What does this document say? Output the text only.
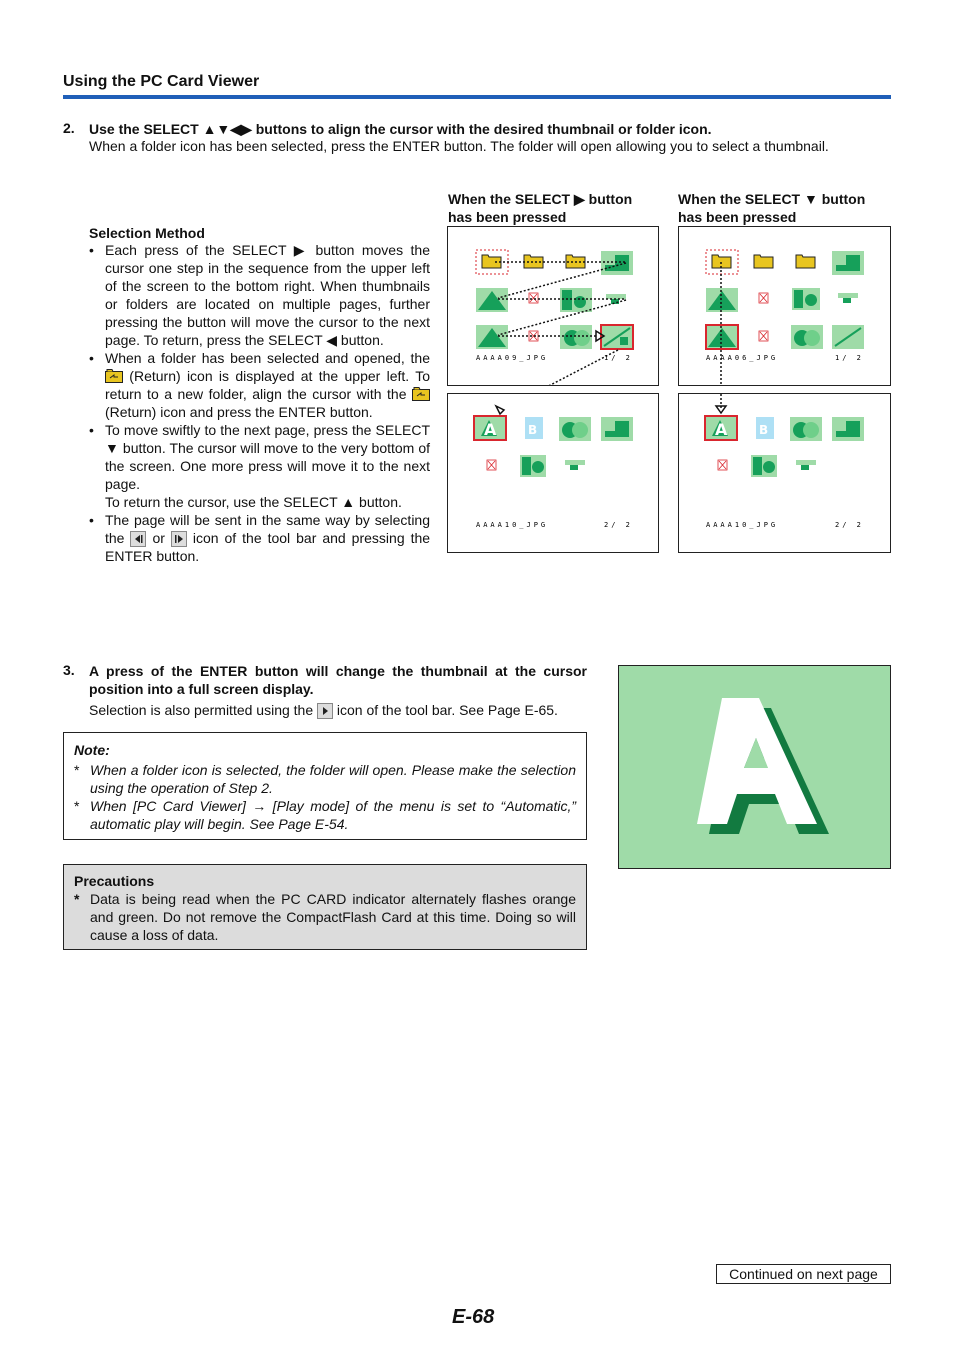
Using the PC Card Viewer
2. Use the SELECT ▲▼◀▶ buttons to align the cursor with the desired thumbnail or folder icon.
When a folder icon has been selected, press the ENTER button. The folder will open allowing you to select a thumbnail.
Selection Method
• Each press of the SELECT ▶ button moves the cursor one step in the sequence from the upper left of the screen to the bottom right. When thumbnails or folders are located on multiple pages, further pressing the button will move the cursor to the next page. To return, press the SELECT ◀ button.
• When a folder has been selected and opened, the  (Return) icon is displayed at the upper left. To return to a new folder, align the cursor with the  (Return) icon and press the ENTER button.
• To move swiftly to the next page, press the SELECT ▼ button. The cursor will move to the very bottom of the screen. One more press will move it to the next page.
To return the cursor, use the SELECT ▲ button.
• The page will be sent in the same way by selecting the or icon of the tool bar and pressing the ENTER button.
When the SELECT ▶ button has been pressed
When the SELECT ▼ button has been pressed
AAAA09_JPG	1/ 2
A	B
AAAA10_JPG	2/ 2
AAAA06_JPG	1/ 2
A	B
AAAA10_JPG	2/ 2
3. A press of the ENTER button will change the thumbnail at the cursor position into a full screen display.
Selection is also permitted using the icon of the tool bar. See Page E-65.
Note:
* When a folder icon is selected, the folder will open. Please make the selection using the operation of Step 2.
* When [PC Card Viewer] → [Play mode] of the menu is set to “Automatic,” automatic play will begin. See Page E-54.
Precautions
* Data is being read when the PC CARD indicator alternately flashes orange and green. Do not remove the CompactFlash Card at this time. Doing so will cause a loss of data.
Continued on next page
E-68
